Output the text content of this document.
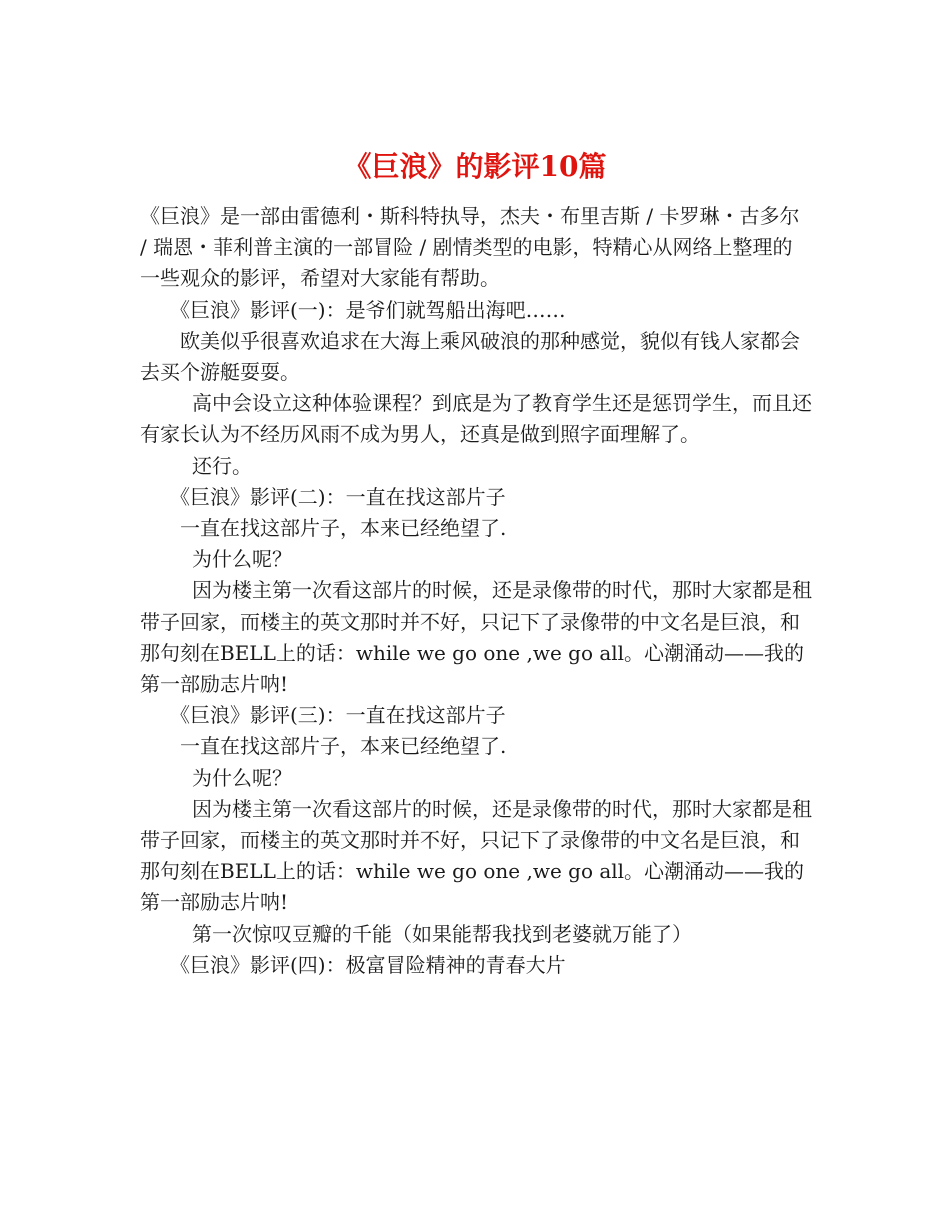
《巨浪》的影评10篇

《巨浪》是一部由雷德利・斯科特执导，杰夫・布里吉斯 / 卡罗琳・古多尔 / 瑞恩・菲利普主演的一部冒险 / 剧情类型的电影，特精心从网络上整理的一些观众的影评，希望对大家能有帮助。

《巨浪》影评(一)：是爷们就驾船出海吧……

欧美似乎很喜欢追求在大海上乘风破浪的那种感觉，貌似有钱人家都会去买个游艇耍耍。

高中会设立这种体验课程？到底是为了教育学生还是惩罚学生，而且还有家长认为不经历风雨不成为男人，还真是做到照字面理解了。

还行。

《巨浪》影评(二)：一直在找这部片子

一直在找这部片子，本来已经绝望了.

为什么呢？

因为楼主第一次看这部片的时候，还是录像带的时代，那时大家都是租带子回家，而楼主的英文那时并不好，只记下了录像带的中文名是巨浪，和那句刻在BELL上的话：while we go one ,we go all。心潮涌动——我的第一部励志片呐!

《巨浪》影评(三)：一直在找这部片子

一直在找这部片子，本来已经绝望了.

为什么呢？

因为楼主第一次看这部片的时候，还是录像带的时代，那时大家都是租带子回家，而楼主的英文那时并不好，只记下了录像带的中文名是巨浪，和那句刻在BELL上的话：while we go one ,we go all。心潮涌动——我的第一部励志片呐!

第一次惊叹豆瓣的千能（如果能帮我找到老婆就万能了）

《巨浪》影评(四)：极富冒险精神的青春大片
